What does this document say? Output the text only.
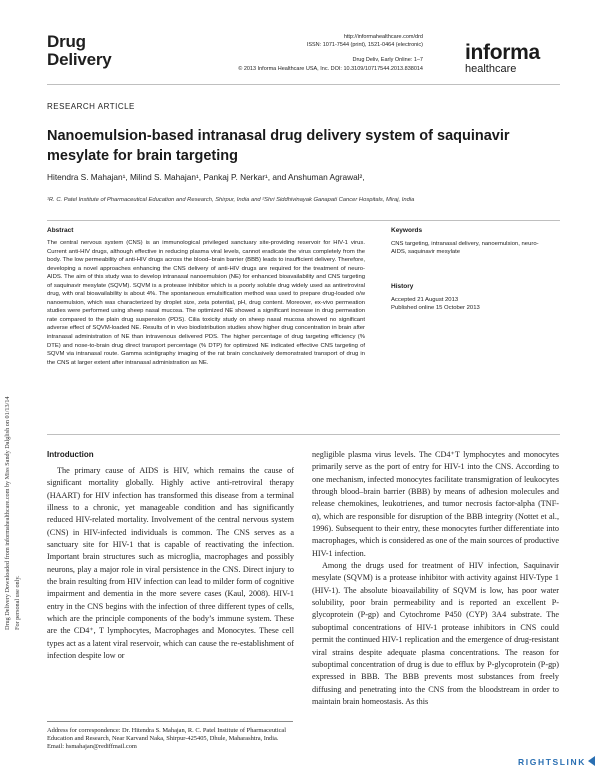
Drug
Delivery
http://informahealthcare.com/drd
ISSN: 1071-7544 (print), 1521-0464 (electronic)
Drug Deliv, Early Online: 1–7
© 2013 Informa Healthcare USA, Inc. DOI: 10.3109/10717544.2013.838014
informa
healthcare
RESEARCH ARTICLE
Nanoemulsion-based intranasal drug delivery system of saquinavir mesylate for brain targeting
Hitendra S. Mahajan¹, Milind S. Mahajan¹, Pankaj P. Nerkar¹, and Anshuman Agrawal²,
¹R. C. Patel Institute of Pharmaceutical Education and Research, Shirpur, India and ²Shri Siddhivinayak Ganapati Cancer Hospitals, Miraj, India
Abstract
The central nervous system (CNS) is an immunological privileged sanctuary site-providing reservoir for HIV-1 virus. Current anti-HIV drugs, although effective in reducing plasma viral levels, cannot eradicate the virus completely from the body. The low permeability of anti-HIV drugs across the blood–brain barrier (BBB) leads to insufficient delivery. Therefore, developing a novel approaches enhancing the CNS delivery of anti-HIV drugs are required for the treatment of neuro-AIDS. The aim of this study was to develop intranasal nanoemulsion (NE) for enhanced bioavailability and CNS targeting of saquinavir mesylate (SQVM). SQVM is a protease inhibitor which is a poorly soluble drug widely used as antiretroviral drug, with oral bioavailability is about 4%. The spontaneous emulsification method was used to prepare drug-loaded o/w nanoemulsion, which was characterized by droplet size, zeta potential, pH, drug content. Moreover, ex-vivo permeation studies were performed using sheep nasal mucosa. The optimized NE showed a significant increase in drug permeation rate compared to the plain drug suspension (PDS). Cilia toxicity study on sheep nasal mucosa showed no significant adverse effect of SQVM-loaded NE. Results of in vivo biodistribution studies show higher drug concentration in brain after intranasal administration of NE than intravenous delivered PDS. The higher percentage of drug targeting efficiency (% DTE) and nose-to-brain drug direct transport percentage (% DTP) for optimized NE indicated effective CNS targeting of SQVM via intranasal route. Gamma scintigraphy imaging of the rat brain conclusively demonstrated transport of drug in the CNS at larger extent after intranasal administration as NE.
Keywords
CNS targeting, intranasal delivery, nanoemulsion, neuro-AIDS, saquinavir mesylate
History
Accepted 21 August 2013
Published online 15 October 2013
Introduction

The primary cause of AIDS is HIV, which remains the cause of significant mortality globally. Highly active anti-retroviral therapy (HAART) for HIV infection has transformed this disease from a terminal illness to a chronic, yet manageable condition and has significantly reduced HIV-related mortality. Involvement of the central nervous system (CNS) in HIV-infected individuals is common. The CNS serves as a sanctuary site for HIV-1 that is capable of reactivating the infection. Important brain structures such as microglia, macrophages and possibly neurons, play a major role in viral persistence in the CNS. Direct injury to the brain resulting from HIV infection can lead to milder form of cognitive impairment and dementia in the more severe cases (Kaul, 2008). HIV-1 entry in the CNS begins with the infection of three different types of cells, which are the principle components of the body’s immune system. These are the CD4⁺, T lymphocytes, Macrophages and Monocytes. These cell types act as a latent viral reservoir, which can cause the re-establishment of infection despite low or

negligible plasma virus levels. The CD4⁺T lymphocytes and monocytes primarily serve as the port of entry for HIV-1 into the CNS. According to one mechanism, infected monocytes facilitate transmigration of leukocytes through blood–brain barrier (BBB) by means of adhesion molecules and release chemokines, leukotrienes, and tumor necrosis factor-alpha (TNF-α), which are responsible for disruption of the BBB integrity (Nottet et al., 1996). Subsequent to their entry, these monocytes further differentiate into macrophages, which is considered as one of the main sources of productive HIV-1 infection.

Among the drugs used for treatment of HIV infection, Saquinavir mesylate (SQVM) is a protease inhibitor with activity against HIV-Type 1 (HIV-1). The absolute bioavailability of SQVM is low, has poor water solubility, poor brain permeability and is reported an excellent P-glycoprotein (P-gp) and Cytochrome P450 (CYP) 3A4 substrate. The suboptimal concentrations of HIV-1 protease inhibitors in CNS could permit the continued HIV-1 replication and the emergence of drug-resistant viral strains despite adequate plasma concentrations. The reason for suboptimal concentration of drug is due to efflux by P-glycoprotein (P-gp) expressed in BBB. The BBB prevents most substances from freely diffusing and penetrating into the CNS from the bloodstream in order to maintain brain homeostasis. As this

Address for correspondence: Dr. Hitendra S. Mahajan, R. C. Patel Institute of Pharmaceutical Education and Research, Near Karvand Naka, Shirpur-425405, Dhule, Maharashtra, India. Email: hsmahajan@rediffmail.com
Drug Delivery Downloaded from informahealthcare.com by Miss Sandy Dalglish on 01/13/14 For personal use only.
RIGHTSLINK
